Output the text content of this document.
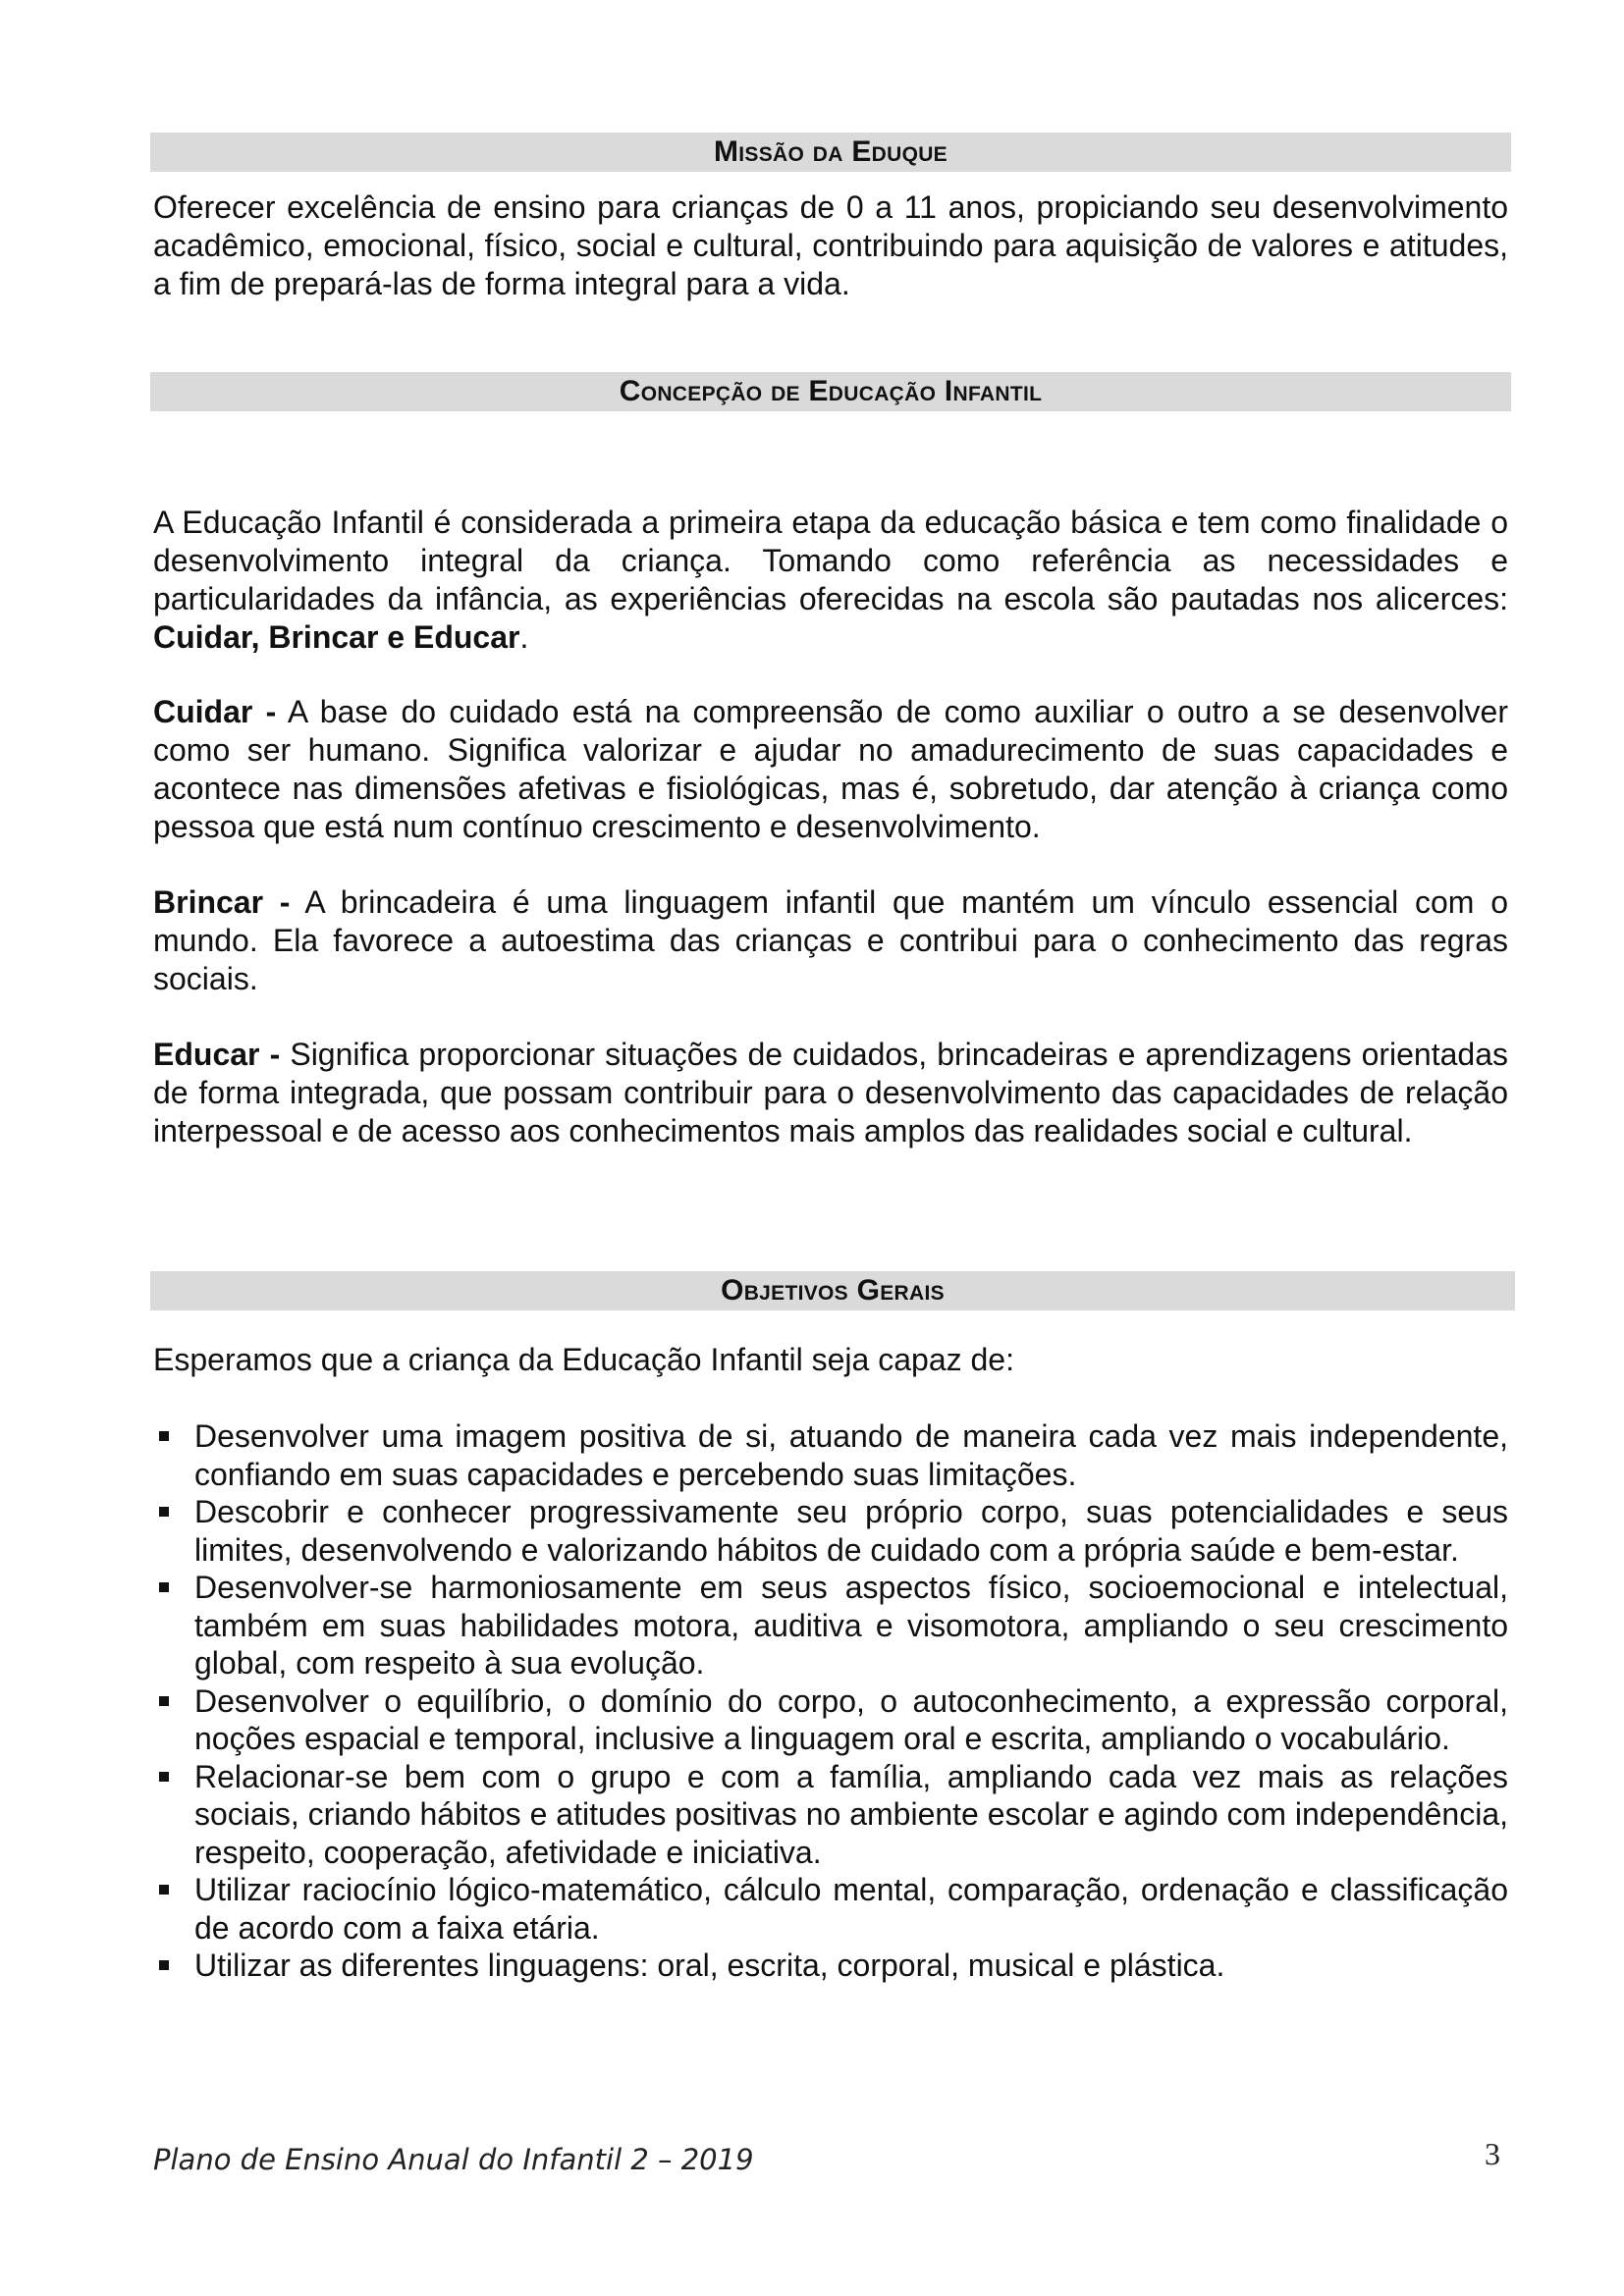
Missão da Eduque

Oferecer excelência de ensino para crianças de 0 a 11 anos, propiciando seu desenvolvimento acadêmico, emocional, físico, social e cultural, contribuindo para aquisição de valores e atitudes, a fim de prepará-las de forma integral para a vida.

Concepção de Educação Infantil

A Educação Infantil é considerada a primeira etapa da educação básica e tem como finalidade o desenvolvimento integral da criança. Tomando como referência as necessidades e particularidades da infância, as experiências oferecidas na escola são pautadas nos alicerces: Cuidar, Brincar e Educar.

Cuidar - A base do cuidado está na compreensão de como auxiliar o outro a se desenvolver como ser humano. Significa valorizar e ajudar no amadurecimento de suas capacidades e acontece nas dimensões afetivas e fisiológicas, mas é, sobretudo, dar atenção à criança como pessoa que está num contínuo crescimento e desenvolvimento.

Brincar - A brincadeira é uma linguagem infantil que mantém um vínculo essencial com o mundo. Ela favorece a autoestima das crianças e contribui para o conhecimento das regras sociais.

Educar - Significa proporcionar situações de cuidados, brincadeiras e aprendizagens orientadas de forma integrada, que possam contribuir para o desenvolvimento das capacidades de relação interpessoal e de acesso aos conhecimentos mais amplos das realidades social e cultural.

Objetivos Gerais

Esperamos que a criança da Educação Infantil seja capaz de:

Desenvolver uma imagem positiva de si, atuando de maneira cada vez mais independente, confiando em suas capacidades e percebendo suas limitações.
Descobrir e conhecer progressivamente seu próprio corpo, suas potencialidades e seus limites, desenvolvendo e valorizando hábitos de cuidado com a própria saúde e bem-estar.
Desenvolver-se harmoniosamente em seus aspectos físico, socioemocional e intelectual, também em suas habilidades motora, auditiva e visomotora, ampliando o seu crescimento global, com respeito à sua evolução.
Desenvolver o equilíbrio, o domínio do corpo, o autoconhecimento, a expressão corporal, noções espacial e temporal, inclusive a linguagem oral e escrita, ampliando o vocabulário.
Relacionar-se bem com o grupo e com a família, ampliando cada vez mais as relações sociais, criando hábitos e atitudes positivas no ambiente escolar e agindo com independência, respeito, cooperação, afetividade e iniciativa.
Utilizar raciocínio lógico-matemático, cálculo mental, comparação, ordenação e classificação de acordo com a faixa etária.
Utilizar as diferentes linguagens: oral, escrita, corporal, musical e plástica.
Plano de Ensino Anual do Infantil 2 – 2019	3
